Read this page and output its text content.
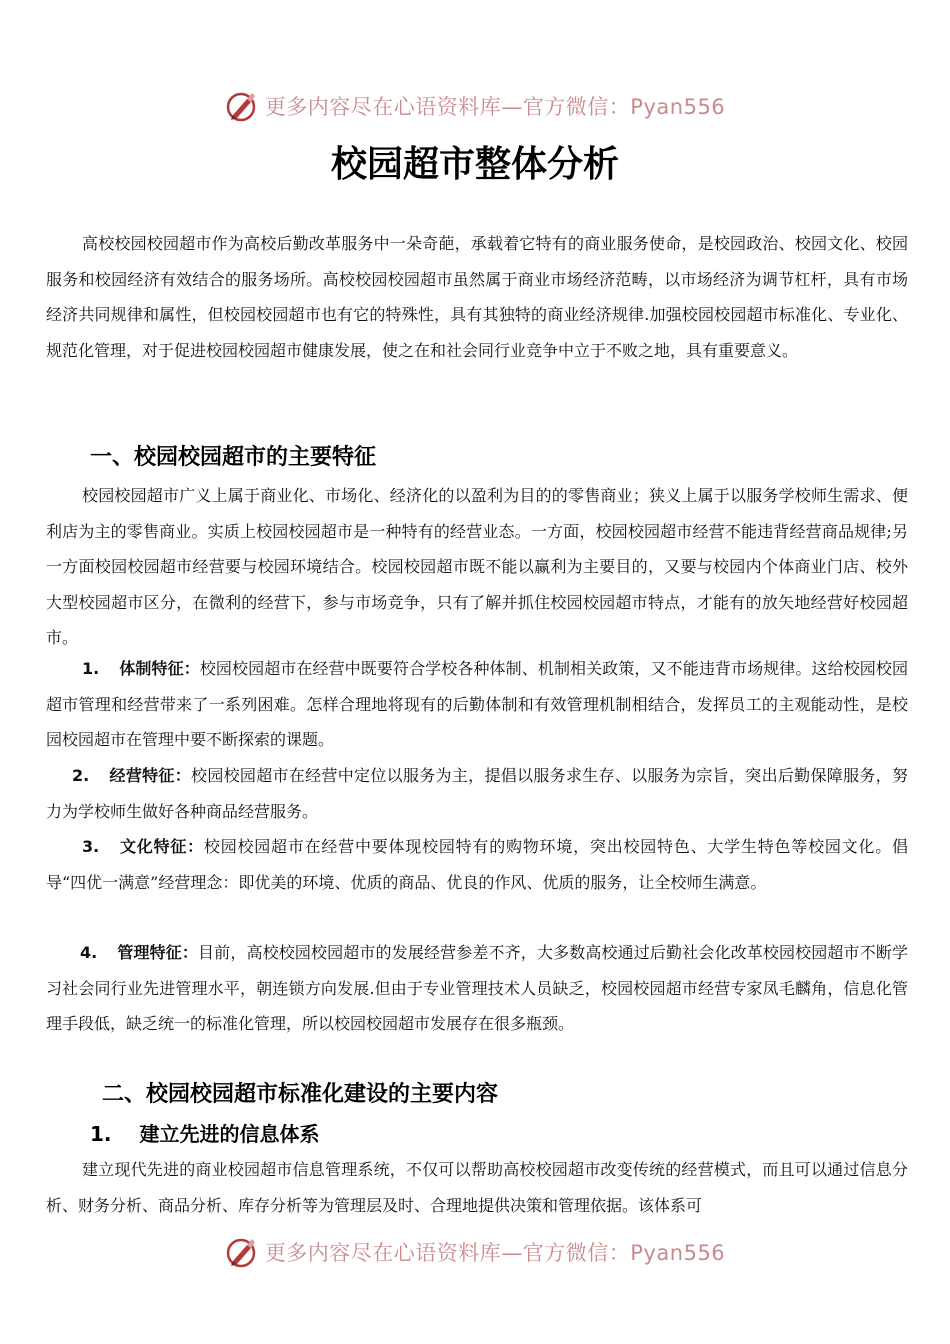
更多内容尽在心语资料库—官方微信：Pyan556
校园超市整体分析
高校校园校园超市作为高校后勤改革服务中一朵奇葩，承载着它特有的商业服务使命，是校园政治、校园文化、校园服务和校园经济有效结合的服务场所。高校校园校园超市虽然属于商业市场经济范畴，以市场经济为调节杠杆，具有市场经济共同规律和属性，但校园校园超市也有它的特殊性，具有其独特的商业经济规律.加强校园校园超市标准化、专业化、规范化管理，对于促进校园校园超市健康发展，使之在和社会同行业竞争中立于不败之地，具有重要意义。
一、校园校园超市的主要特征
校园校园超市广义上属于商业化、市场化、经济化的以盈利为目的的零售商业；狭义上属于以服务学校师生需求、便利店为主的零售商业。实质上校园校园超市是一种特有的经营业态。一方面，校园校园超市经营不能违背经营商品规律;另一方面校园校园超市经营要与校园环境结合。校园校园超市既不能以赢利为主要目的，又要与校园内个体商业门店、校外大型校园超市区分，在微利的经营下，参与市场竞争，只有了解并抓住校园校园超市特点，才能有的放矢地经营好校园超市。
1. 体制特征：校园校园超市在经营中既要符合学校各种体制、机制相关政策，又不能违背市场规律。这给校园校园超市管理和经营带来了一系列困难。怎样合理地将现有的后勤体制和有效管理机制相结合，发挥员工的主观能动性，是校园校园超市在管理中要不断探索的课题。
2. 经营特征：校园校园超市在经营中定位以服务为主，提倡以服务求生存、以服务为宗旨，突出后勤保障服务，努力为学校师生做好各种商品经营服务。
3. 文化特征：校园校园超市在经营中要体现校园特有的购物环境，突出校园特色、大学生特色等校园文化。倡导“四优一满意”经营理念：即优美的环境、优质的商品、优良的作风、优质的服务，让全校师生满意。
4. 管理特征：目前，高校校园校园超市的发展经营参差不齐，大多数高校通过后勤社会化改革校园校园超市不断学习社会同行业先进管理水平，朝连锁方向发展.但由于专业管理技术人员缺乏，校园校园超市经营专家凤毛麟角，信息化管理手段低，缺乏统一的标准化管理，所以校园校园超市发展存在很多瓶颈。
二、校园校园超市标准化建设的主要内容
1. 建立先进的信息体系
建立现代先进的商业校园超市信息管理系统，不仅可以帮助高校校园超市改变传统的经营模式，而且可以通过信息分析、财务分析、商品分析、库存分析等为管理层及时、合理地提供决策和管理依据。该体系可
更多内容尽在心语资料库—官方微信：Pyan556
